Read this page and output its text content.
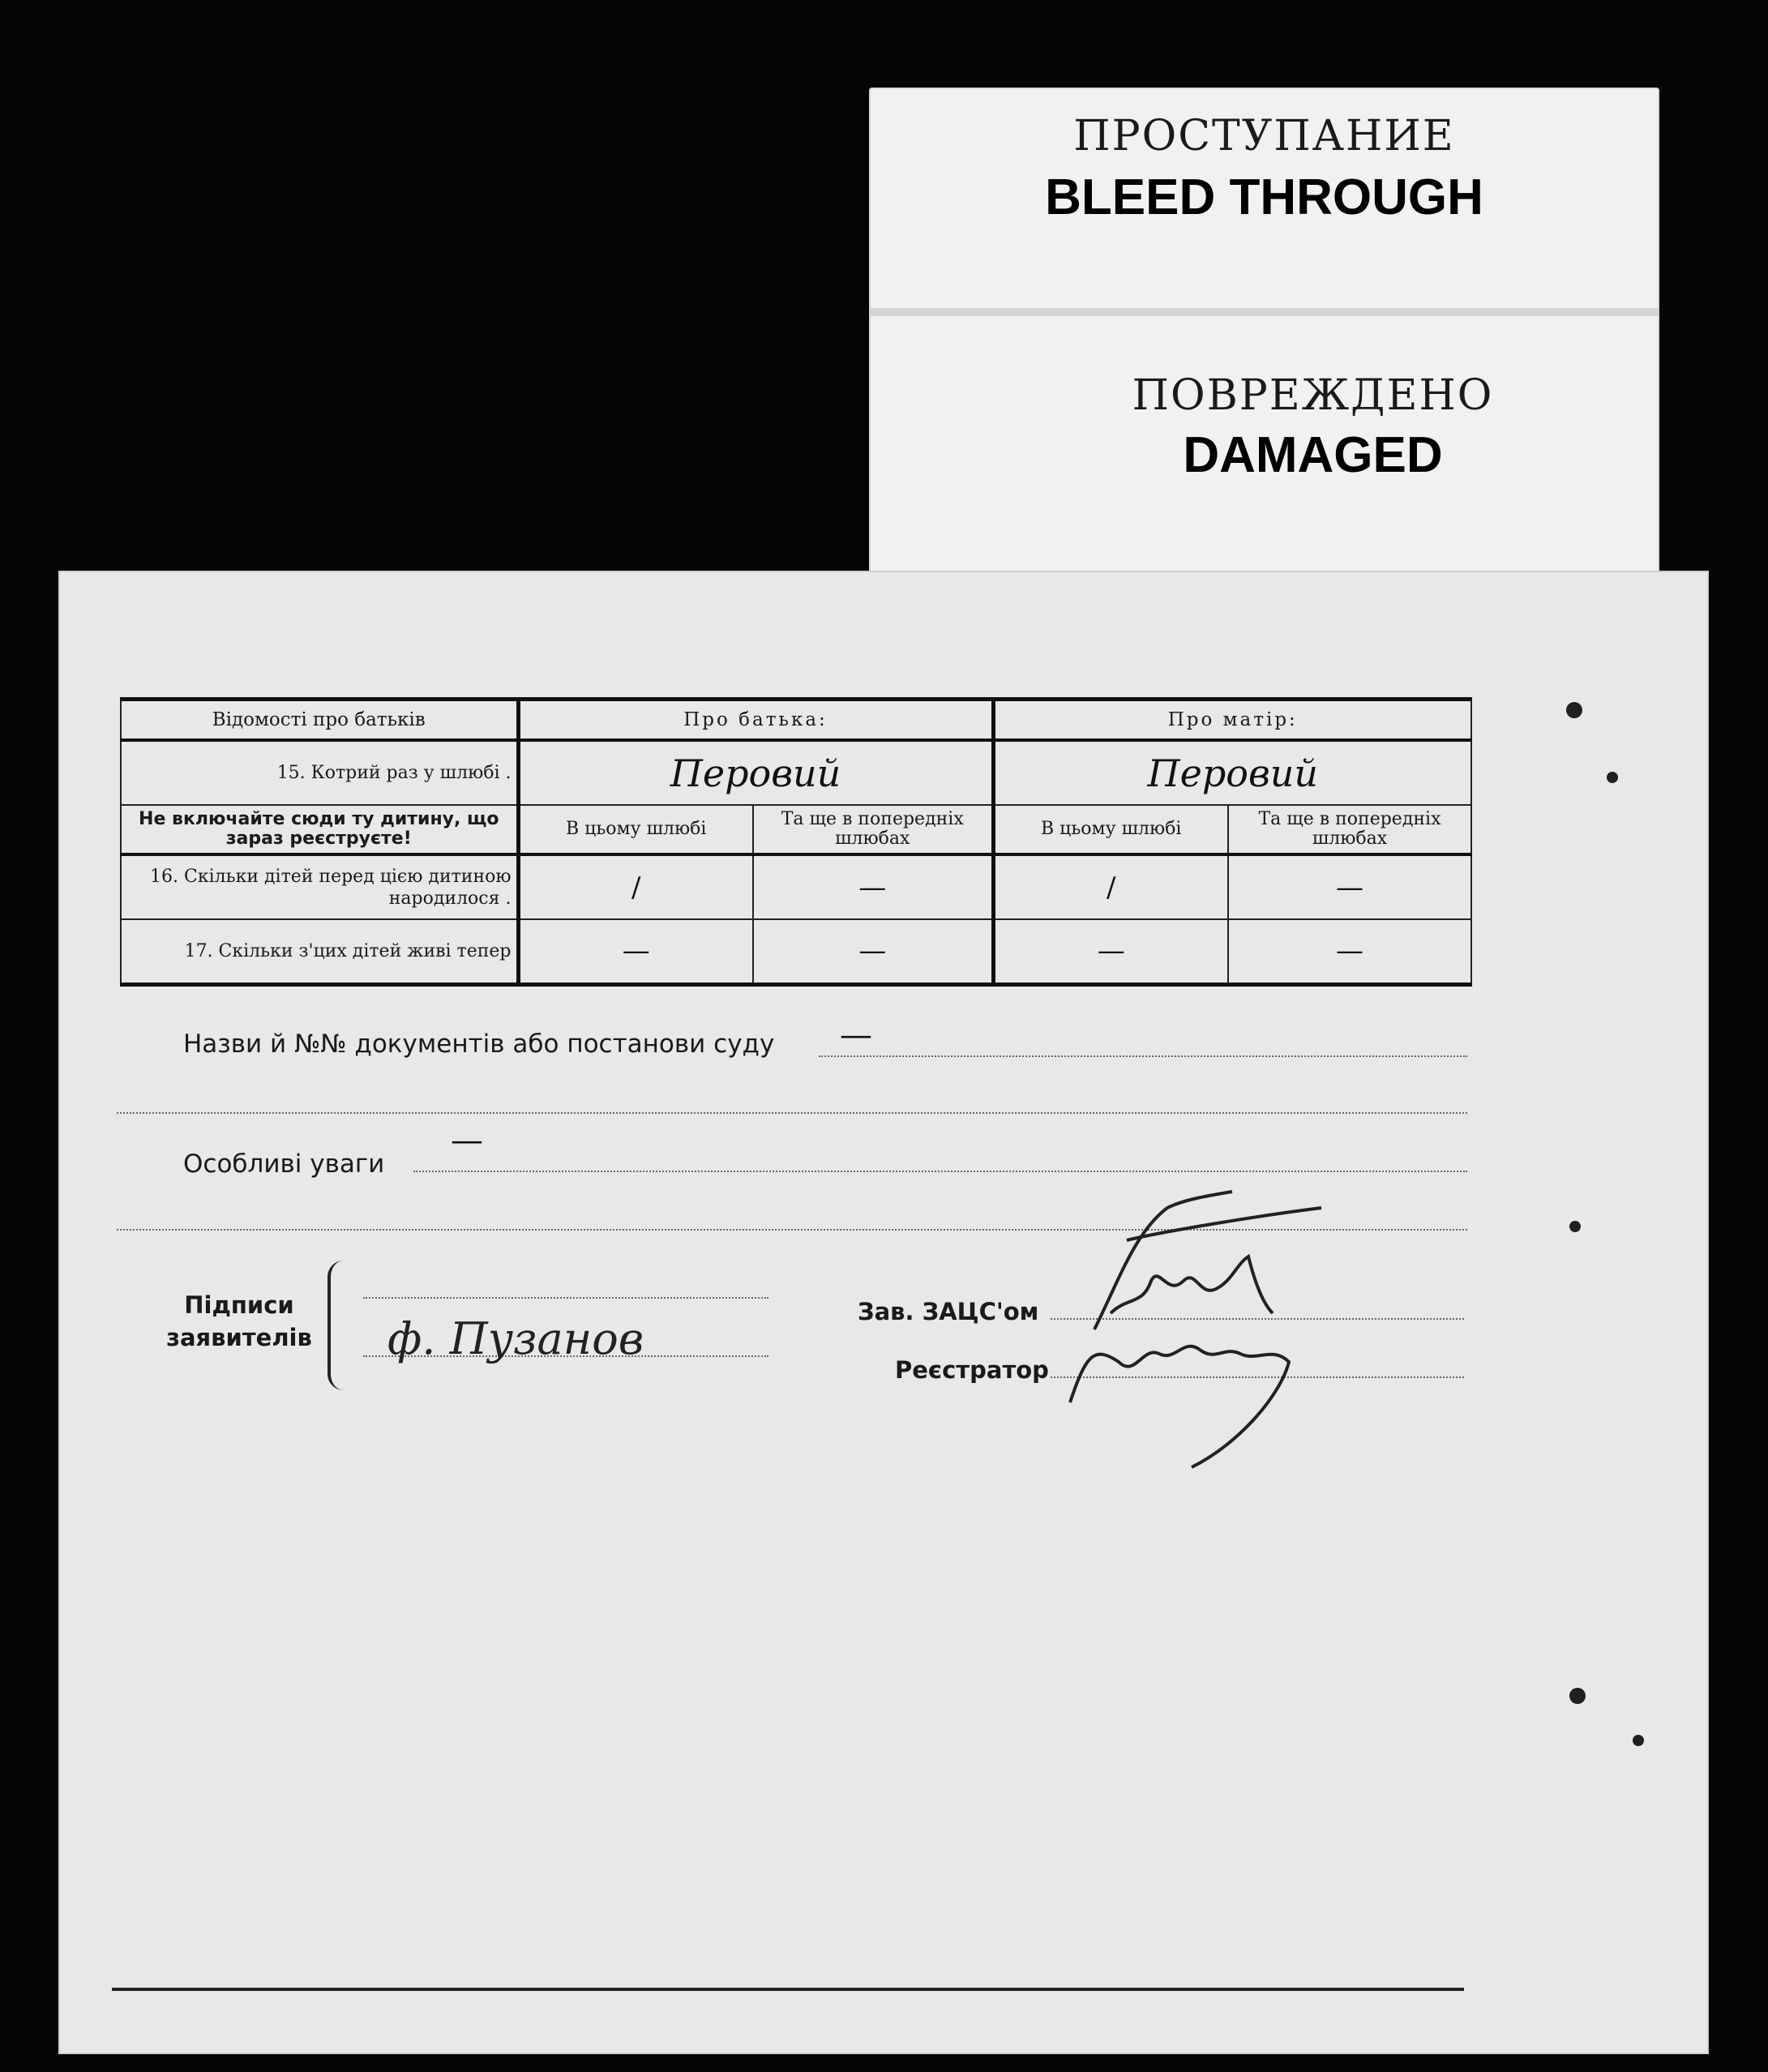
ПРОСТУПАНИЕ
BLEED THROUGH
ПОВРЕЖДЕНО
DAMAGED
Відомості про батьків	Про батька:		Про матір:	
15. Котрий раз у шлюбі .	Перовий		Перовий	
Не включайте сюди ту дитину, що зараз реєструєте!	В цьому шлюбі	Та ще в попередніх шлюбах	В цьому шлюбі	Та ще в попередніх шлюбах
16. Скільки дітей перед цією дитиною народилося .	/	—	/	—
17. Скільки з'цих дітей живі тепер	—	—	—	—
Назви й №№ документів або постанови суду —
Особливі уваги
—
Підписи
заявителів ф. Пузанов
Зав. ЗАЦС'ом
Реєстратор
